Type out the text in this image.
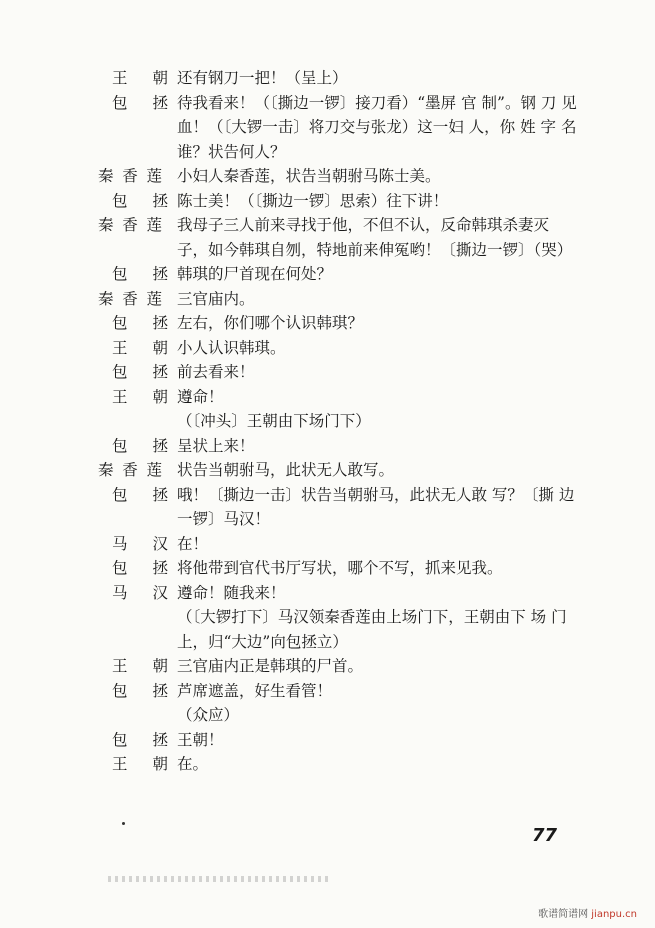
王 朝 还有钢刀一把！（呈上）
包 拯 待我看来！（〔撕边一锣〕接刀看）“墨屏 官 制”。钢 刀 见
血！（〔大锣一击〕将刀交与张龙）这一妇 人，你 姓 字 名
谁？状告何人？
秦香莲 小妇人秦香莲，状告当朝驸马陈士美。
包 拯 陈士美！（〔撕边一锣〕思索）往下讲！
秦香莲 我母子三人前来寻找于他，不但不认，反命韩琪杀妻灭
子，如今韩琪自刎，特地前来伸冤哟！〔撕边一锣〕（哭）
包 拯 韩琪的尸首现在何处？
秦香莲 三官庙内。
包 拯 左右，你们哪个认识韩琪？
王 朝 小人认识韩琪。
包 拯 前去看来！
王 朝 遵命！
（〔冲头〕王朝由下场门下）
包 拯 呈状上来！
秦香莲 状告当朝驸马，此状无人敢写。
包 拯 哦！〔撕边一击〕状告当朝驸马，此状无人敢 写？〔撕 边
一锣〕马汉！
马 汉 在！
包 拯 将他带到官代书厅写状，哪个不写，抓来见我。
马 汉 遵命！随我来！
（〔大锣打下〕马汉领秦香莲由上场门下，王朝由下 场 门
上，归“大边”向包拯立）
王 朝 三官庙内正是韩琪的尸首。
包 拯 芦席遮盖，好生看管！
（众应）
包 拯 王朝！
王 朝 在。
77
歌谱简谱网 jianpu.cn
